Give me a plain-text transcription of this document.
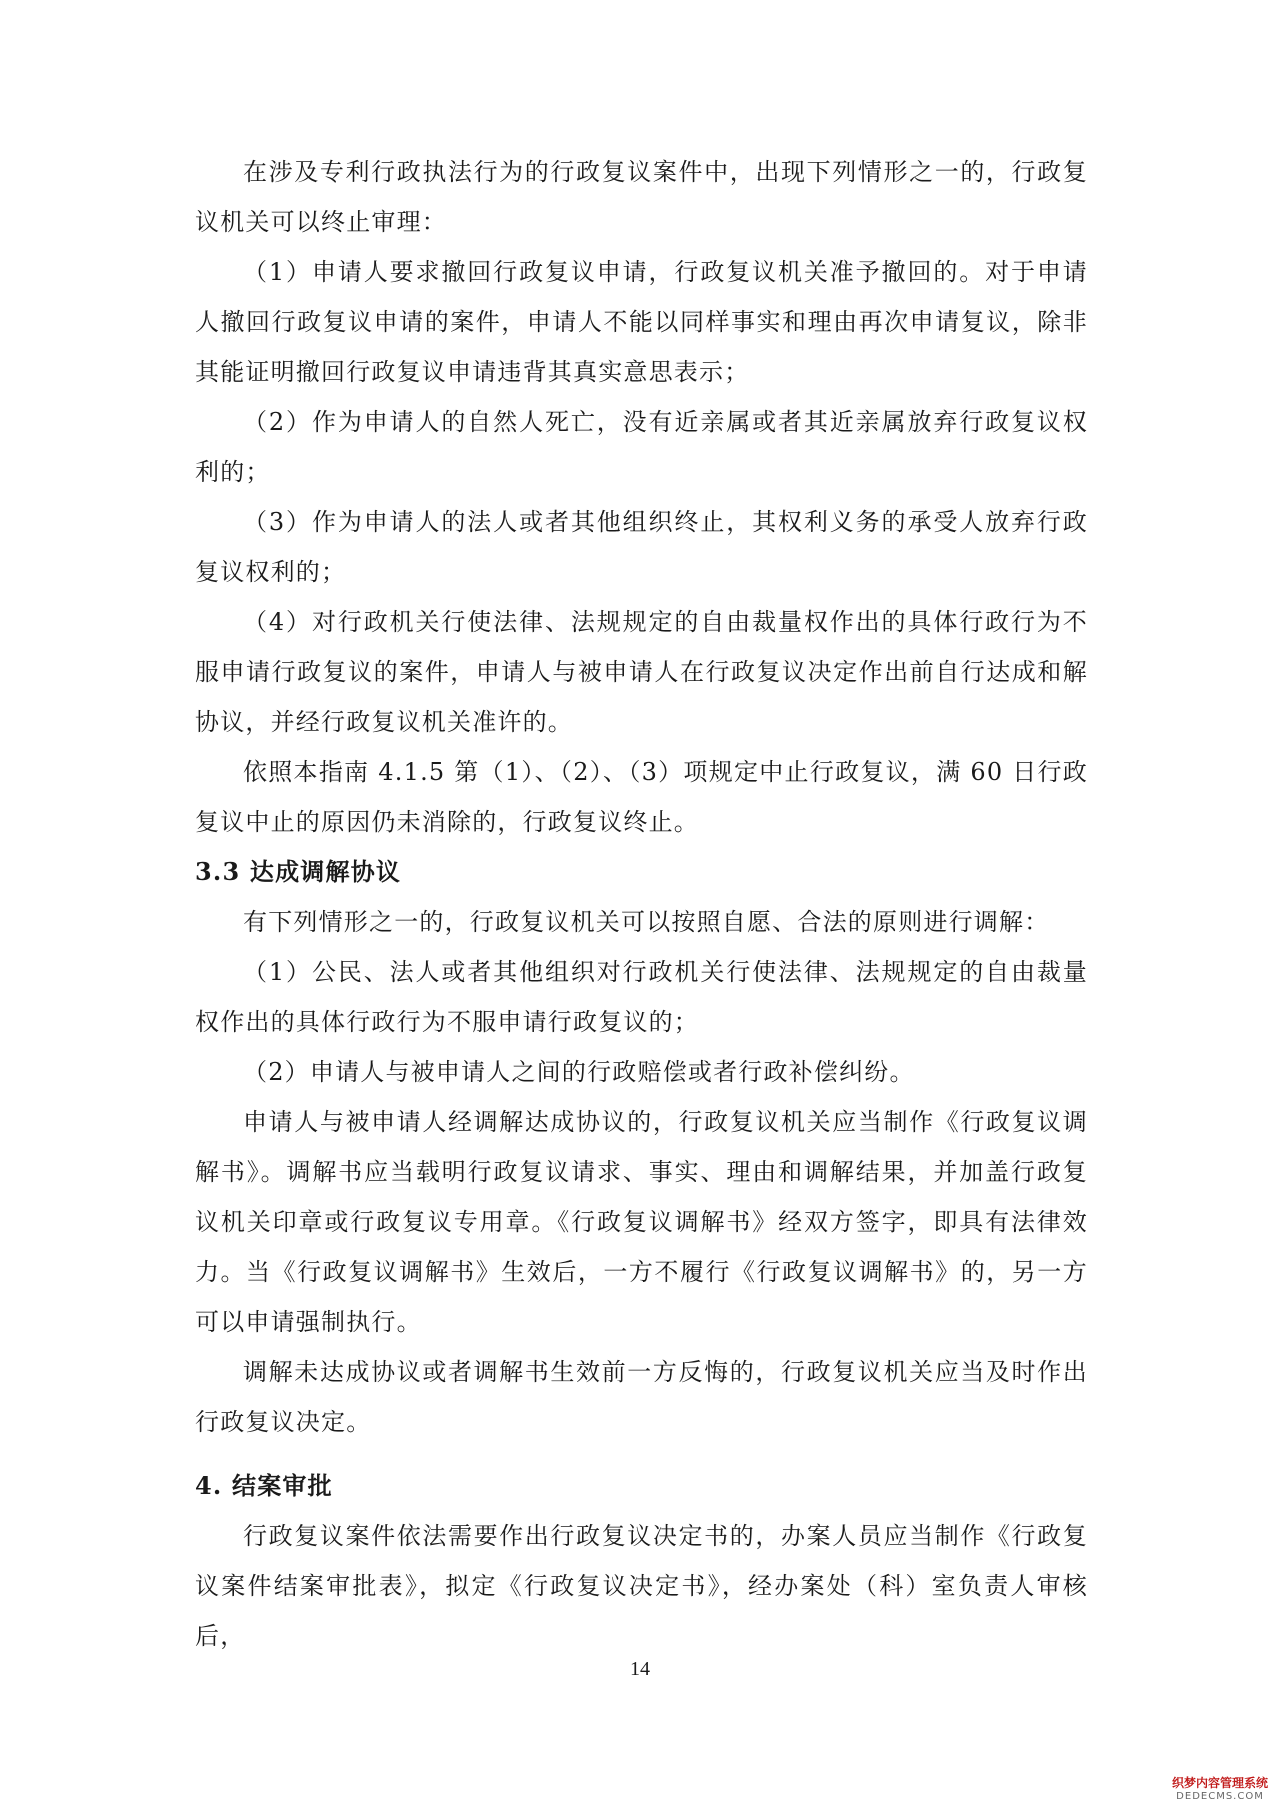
在涉及专利行政执法行为的行政复议案件中，出现下列情形之一的，行政复议机关可以终止审理：

（1）申请人要求撤回行政复议申请，行政复议机关准予撤回的。对于申请人撤回行政复议申请的案件，申请人不能以同样事实和理由再次申请复议，除非其能证明撤回行政复议申请违背其真实意思表示；

（2）作为申请人的自然人死亡，没有近亲属或者其近亲属放弃行政复议权利的；

（3）作为申请人的法人或者其他组织终止，其权利义务的承受人放弃行政复议权利的；

（4）对行政机关行使法律、法规规定的自由裁量权作出的具体行政行为不服申请行政复议的案件，申请人与被申请人在行政复议决定作出前自行达成和解协议，并经行政复议机关准许的。

依照本指南 4.1.5 第（1）、（2）、（3）项规定中止行政复议，满 60 日行政复议中止的原因仍未消除的，行政复议终止。

3.3 达成调解协议

有下列情形之一的，行政复议机关可以按照自愿、合法的原则进行调解：

（1）公民、法人或者其他组织对行政机关行使法律、法规规定的自由裁量权作出的具体行政行为不服申请行政复议的；

（2）申请人与被申请人之间的行政赔偿或者行政补偿纠纷。

申请人与被申请人经调解达成协议的，行政复议机关应当制作《行政复议调解书》。调解书应当载明行政复议请求、事实、理由和调解结果，并加盖行政复议机关印章或行政复议专用章。《行政复议调解书》经双方签字，即具有法律效力。当《行政复议调解书》生效后，一方不履行《行政复议调解书》的，另一方可以申请强制执行。

调解未达成协议或者调解书生效前一方反悔的，行政复议机关应当及时作出行政复议决定。

4. 结案审批

行政复议案件依法需要作出行政复议决定书的，办案人员应当制作《行政复议案件结案审批表》，拟定《行政复议决定书》，经办案处（科）室负责人审核后，

14
织梦内容管理系统
DEDECMS.COM
